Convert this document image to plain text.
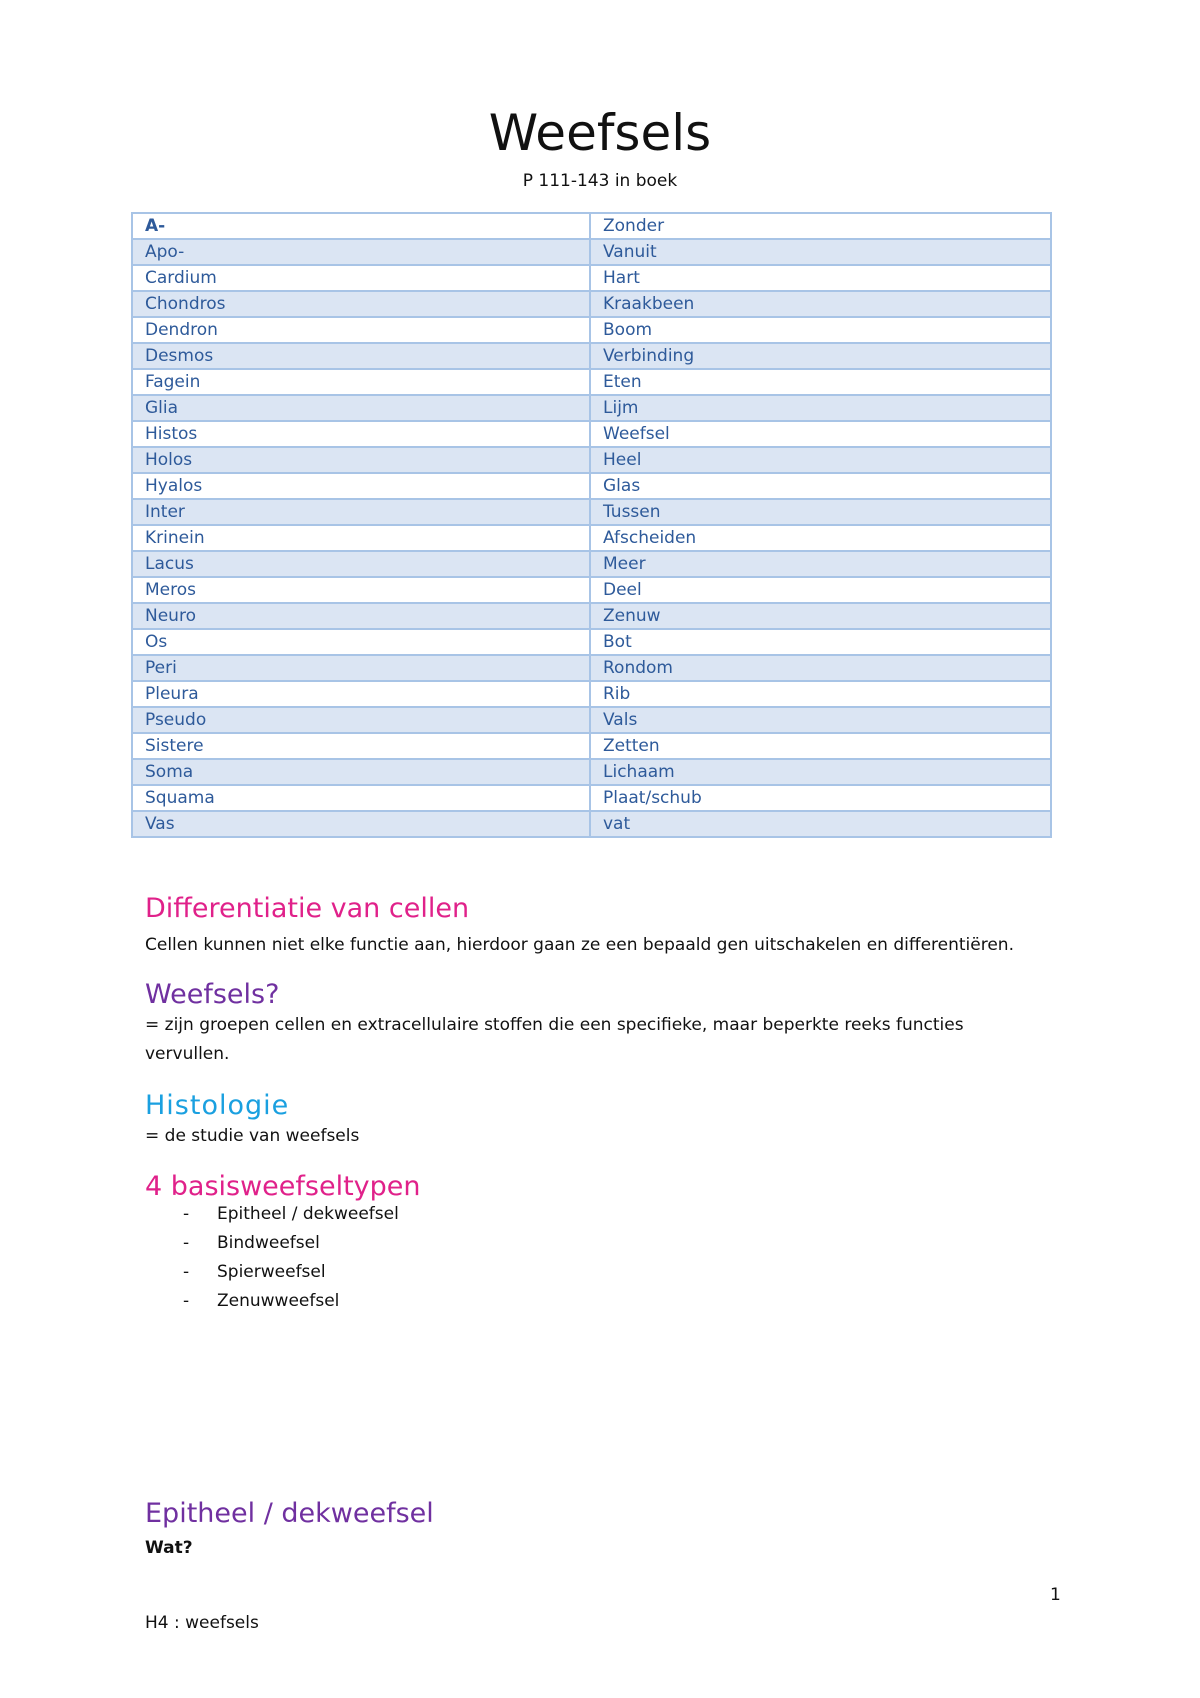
Weefsels
P 111-143 in boek
A-	Zonder
Apo-	Vanuit
Cardium	Hart
Chondros	Kraakbeen
Dendron	Boom
Desmos	Verbinding
Fagein	Eten
Glia	Lijm
Histos	Weefsel
Holos	Heel
Hyalos	Glas
Inter	Tussen
Krinein	Afscheiden
Lacus	Meer
Meros	Deel
Neuro	Zenuw
Os	Bot
Peri	Rondom
Pleura	Rib
Pseudo	Vals
Sistere	Zetten
Soma	Lichaam
Squama	Plaat/schub
Vas	vat
Differentiatie van cellen

Cellen kunnen niet elke functie aan, hierdoor gaan ze een bepaald gen uitschakelen en differentiëren.

Weefsels?

= zijn groepen cellen en extracellulaire stoffen die een specifieke, maar beperkte reeks functies

vervullen.

Histologie

= de studie van weefsels

4 basisweefseltypen
- Epitheel / dekweefsel
- Bindweefsel
- Spierweefsel
- Zenuwweefsel
Epitheel / dekweefsel

Wat?

1
H4 : weefsels
